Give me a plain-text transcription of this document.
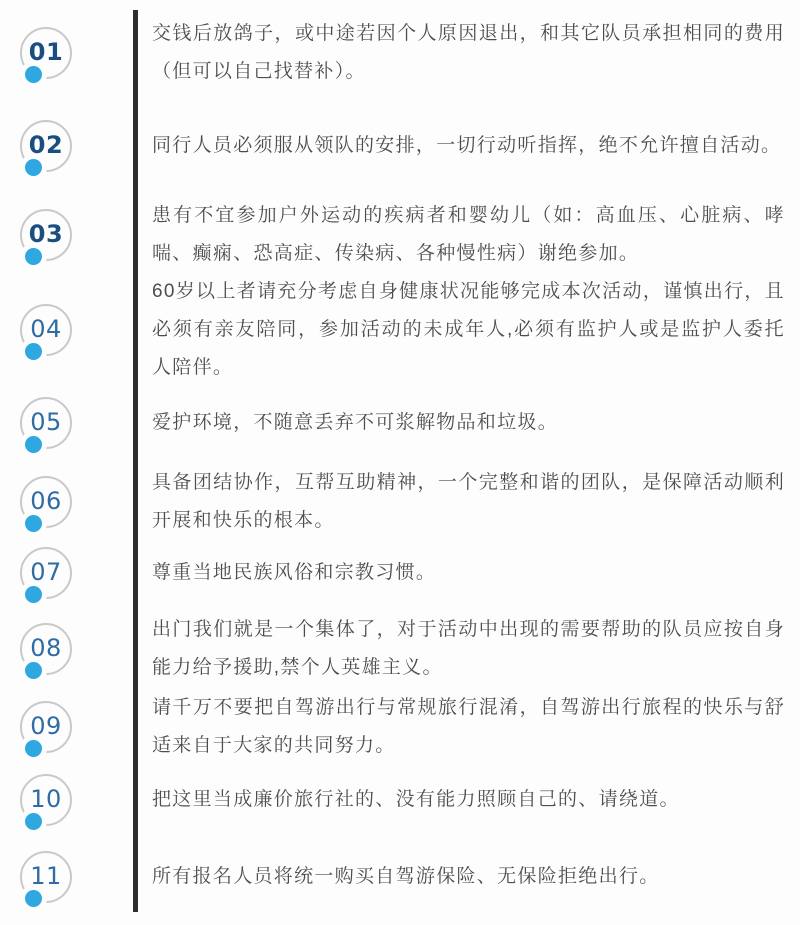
01
交钱后放鸽子，或中途若因个人原因退出，和其它队员承担相同的费用（但可以自己找替补）。
02	同行人员必须服从领队的安排，一切行动听指挥，绝不允许擅自活动。
03
患有不宜参加户外运动的疾病者和婴幼儿（如：高血压、心脏病、哮喘、癫痫、恐高症、传染病、各种慢性病）谢绝参加。
04
60岁以上者请充分考虑自身健康状况能够完成本次活动，谨慎出行，且必须有亲友陪同，参加活动的未成年人,必须有监护人或是监护人委托人陪伴。
05	爱护环境，不随意丢弃不可浆解物品和垃圾。
06
具备团结协作，互帮互助精神，一个完整和谐的团队，是保障活动顺利开展和快乐的根本。
07	尊重当地民族风俗和宗教习惯。
08
出门我们就是一个集体了，对于活动中出现的需要帮助的队员应按自身能力给予援助,禁个人英雄主义。
09
请千万不要把自驾游出行与常规旅行混淆，自驾游出行旅程的快乐与舒适来自于大家的共同努力。
10	把这里当成廉价旅行社的、没有能力照顾自己的、请绕道。
11	所有报名人员将统一购买自驾游保险、无保险拒绝出行。
